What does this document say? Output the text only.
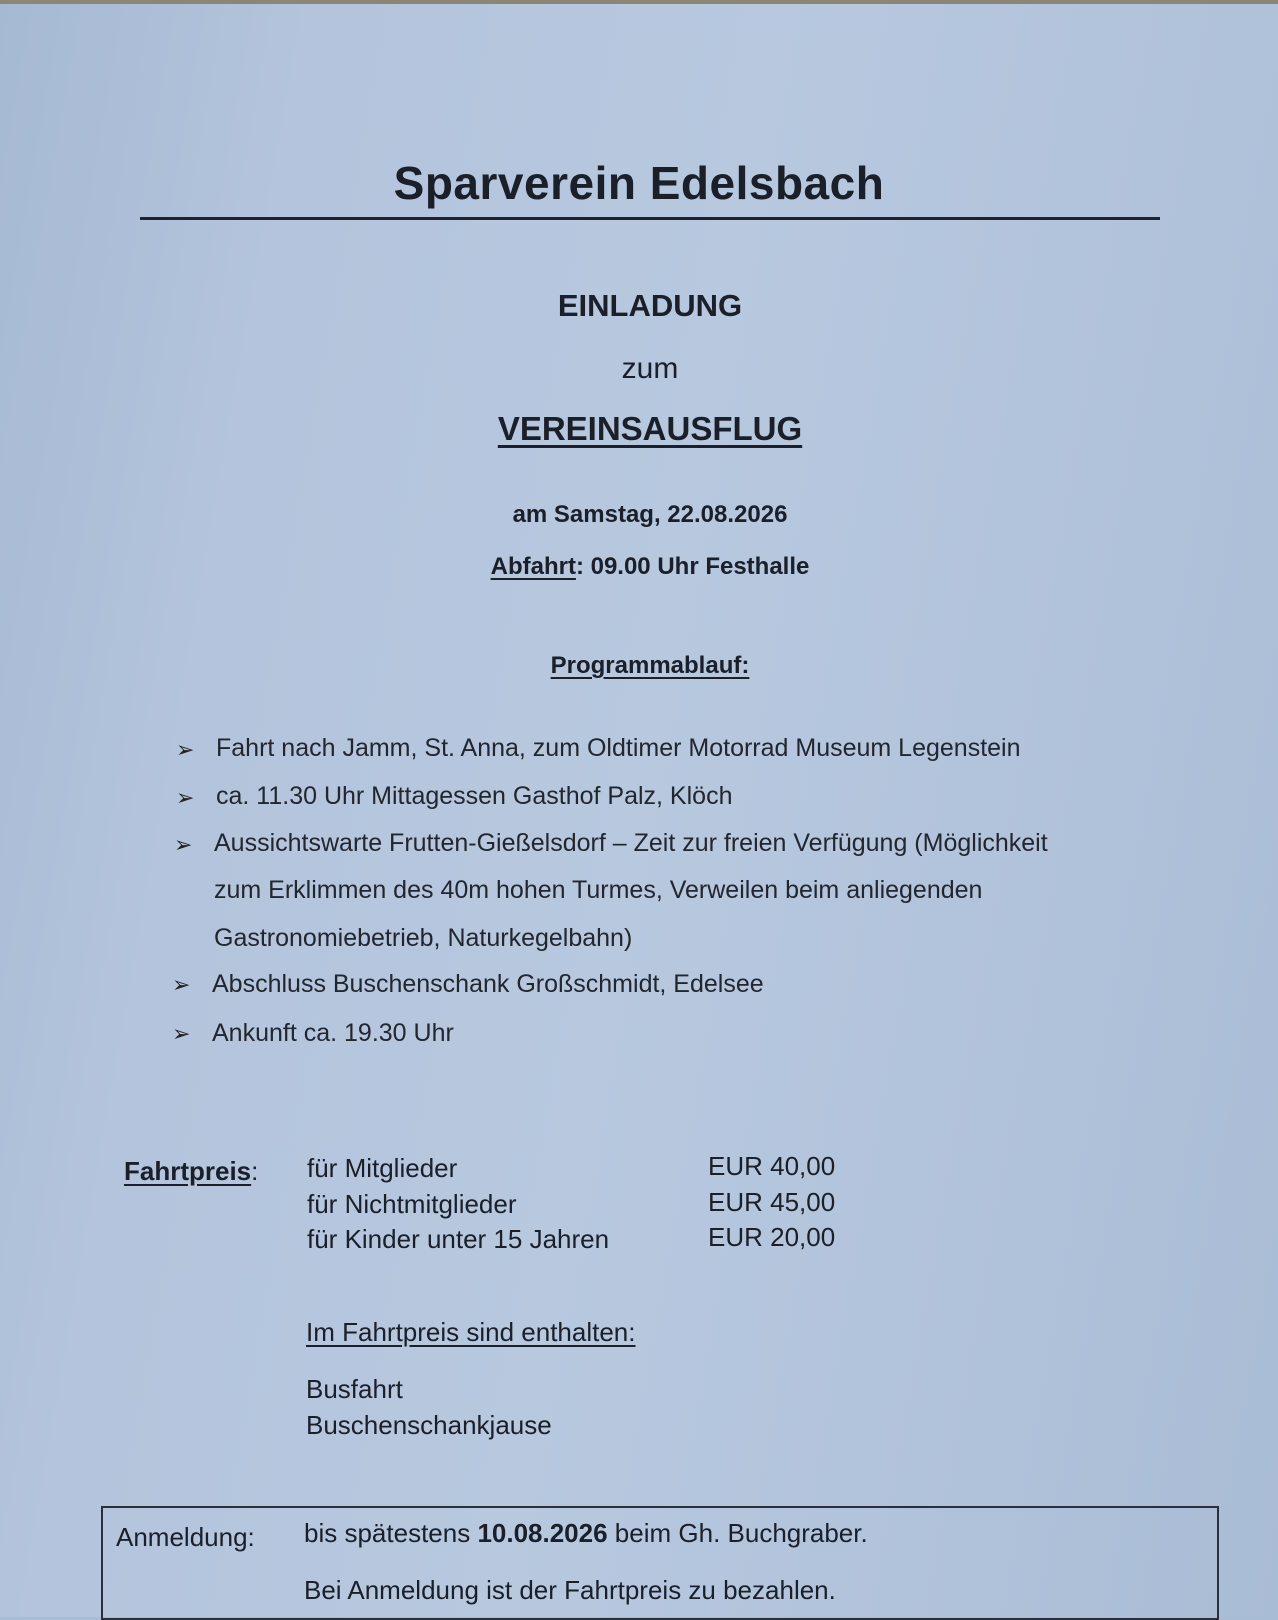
Sparverein Edelsbach
EINLADUNG
zum
VEREINSAUSFLUG
am Samstag, 22.08.2026
Abfahrt: 09.00 Uhr Festhalle
Programmablauf:
➢ Fahrt nach Jamm, St. Anna, zum Oldtimer Motorrad Museum Legenstein
➢ ca. 11.30 Uhr Mittagessen Gasthof Palz, Klöch
➢ Aussichtswarte Frutten-Gießelsdorf – Zeit zur freien Verfügung (Möglichkeit
zum Erklimmen des 40m hohen Turmes, Verweilen beim anliegenden
Gastronomiebetrieb, Naturkegelbahn)
➢ Abschluss Buschenschank Großschmidt, Edelsee
➢ Ankunft ca. 19.30 Uhr
Fahrtpreis: für Mitglieder	EUR 40,00
für Nichtmitglieder	EUR 45,00
für Kinder unter 15 Jahren	EUR 20,00
Im Fahrtpreis sind enthalten:
Busfahrt
Buschenschankjause
Anmeldung: bis spätestens 10.08.2026 beim Gh. Buchgraber.
Bei Anmeldung ist der Fahrtpreis zu bezahlen.
